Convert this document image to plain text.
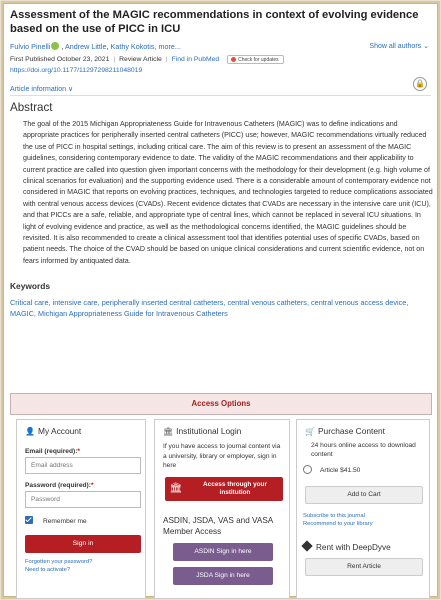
Assessment of the MAGIC recommendations in context of evolving evidence based on the use of PICC in ICU
Fulvio Pinelli , Andrew Little, Kathy Kokotis, more...	Show all authors ⌄
First Published October 23, 2021 | Review Article | Find in PubMed	Check for updates
https://doi.org/10.1177/11297298211048019
Article information ∨
🔒
Abstract
The goal of the 2015 Michigan Appropriateness Guide for Intravenous Catheters (MAGIC) was to define indications and appropriate practices for peripherally inserted central catheters (PICC) use; however, MAGIC recommendations virtually reduced the use of PICC in hospital settings, including critical care. The aim of this review is to present an assessment of the MAGIC guidelines, considering contemporary evidence to date. The validity of the MAGIC recommendations and their applicability to current practice are called into question given important concerns with the methodology for their development (e.g. high volume of clinical scenarios for evaluation) and the supporting evidence used. There is a considerable amount of contemporary evidence not considered in MAGIC that reports on evolving practices, techniques, and technologies targeted to reduce complications associated with central venous access devices (CVADs). Recent evidence dictates that CVADs are necessary in the intensive care unit (ICU), and that PICCs are a safe, reliable, and appropriate type of central lines, which cannot be replaced in several ICU situations. In light of evolving evidence and practice, as well as the methodological concerns identified, the MAGIC guidelines should be revisited. It is also recommended to create a clinical assessment tool that identifies potential uses of specific CVADs, based on patient needs. The choice of the CVAD should be based on unique clinical considerations and current scientific evidence, not on fears informed by antiquated data.
Keywords
Critical care, intensive care, peripherally inserted central catheters, central venous catheters, central venous access device, MAGIC, Michigan Appropriateness Guide for Intravenous Catheters
Access Options
👤 My Account
Email (required):*
Email address
Password (required):*
Remember me
Sign in
Forgotten your password?
Need to activate?
🏛 Institutional Login
If you have access to journal content via a university, library or employer, sign in here
🏛	Access through your institution
ASDIN, JSDA, VAS and VASA Member Access
ASDIN Sign in here
JSDA Sign in here
🛒 Purchase Content
24 hours online access to download content
Article $41.50
Add to Cart
Subscribe to this journal
Recommend to your library
Rent with DeepDyve
Rent Article
